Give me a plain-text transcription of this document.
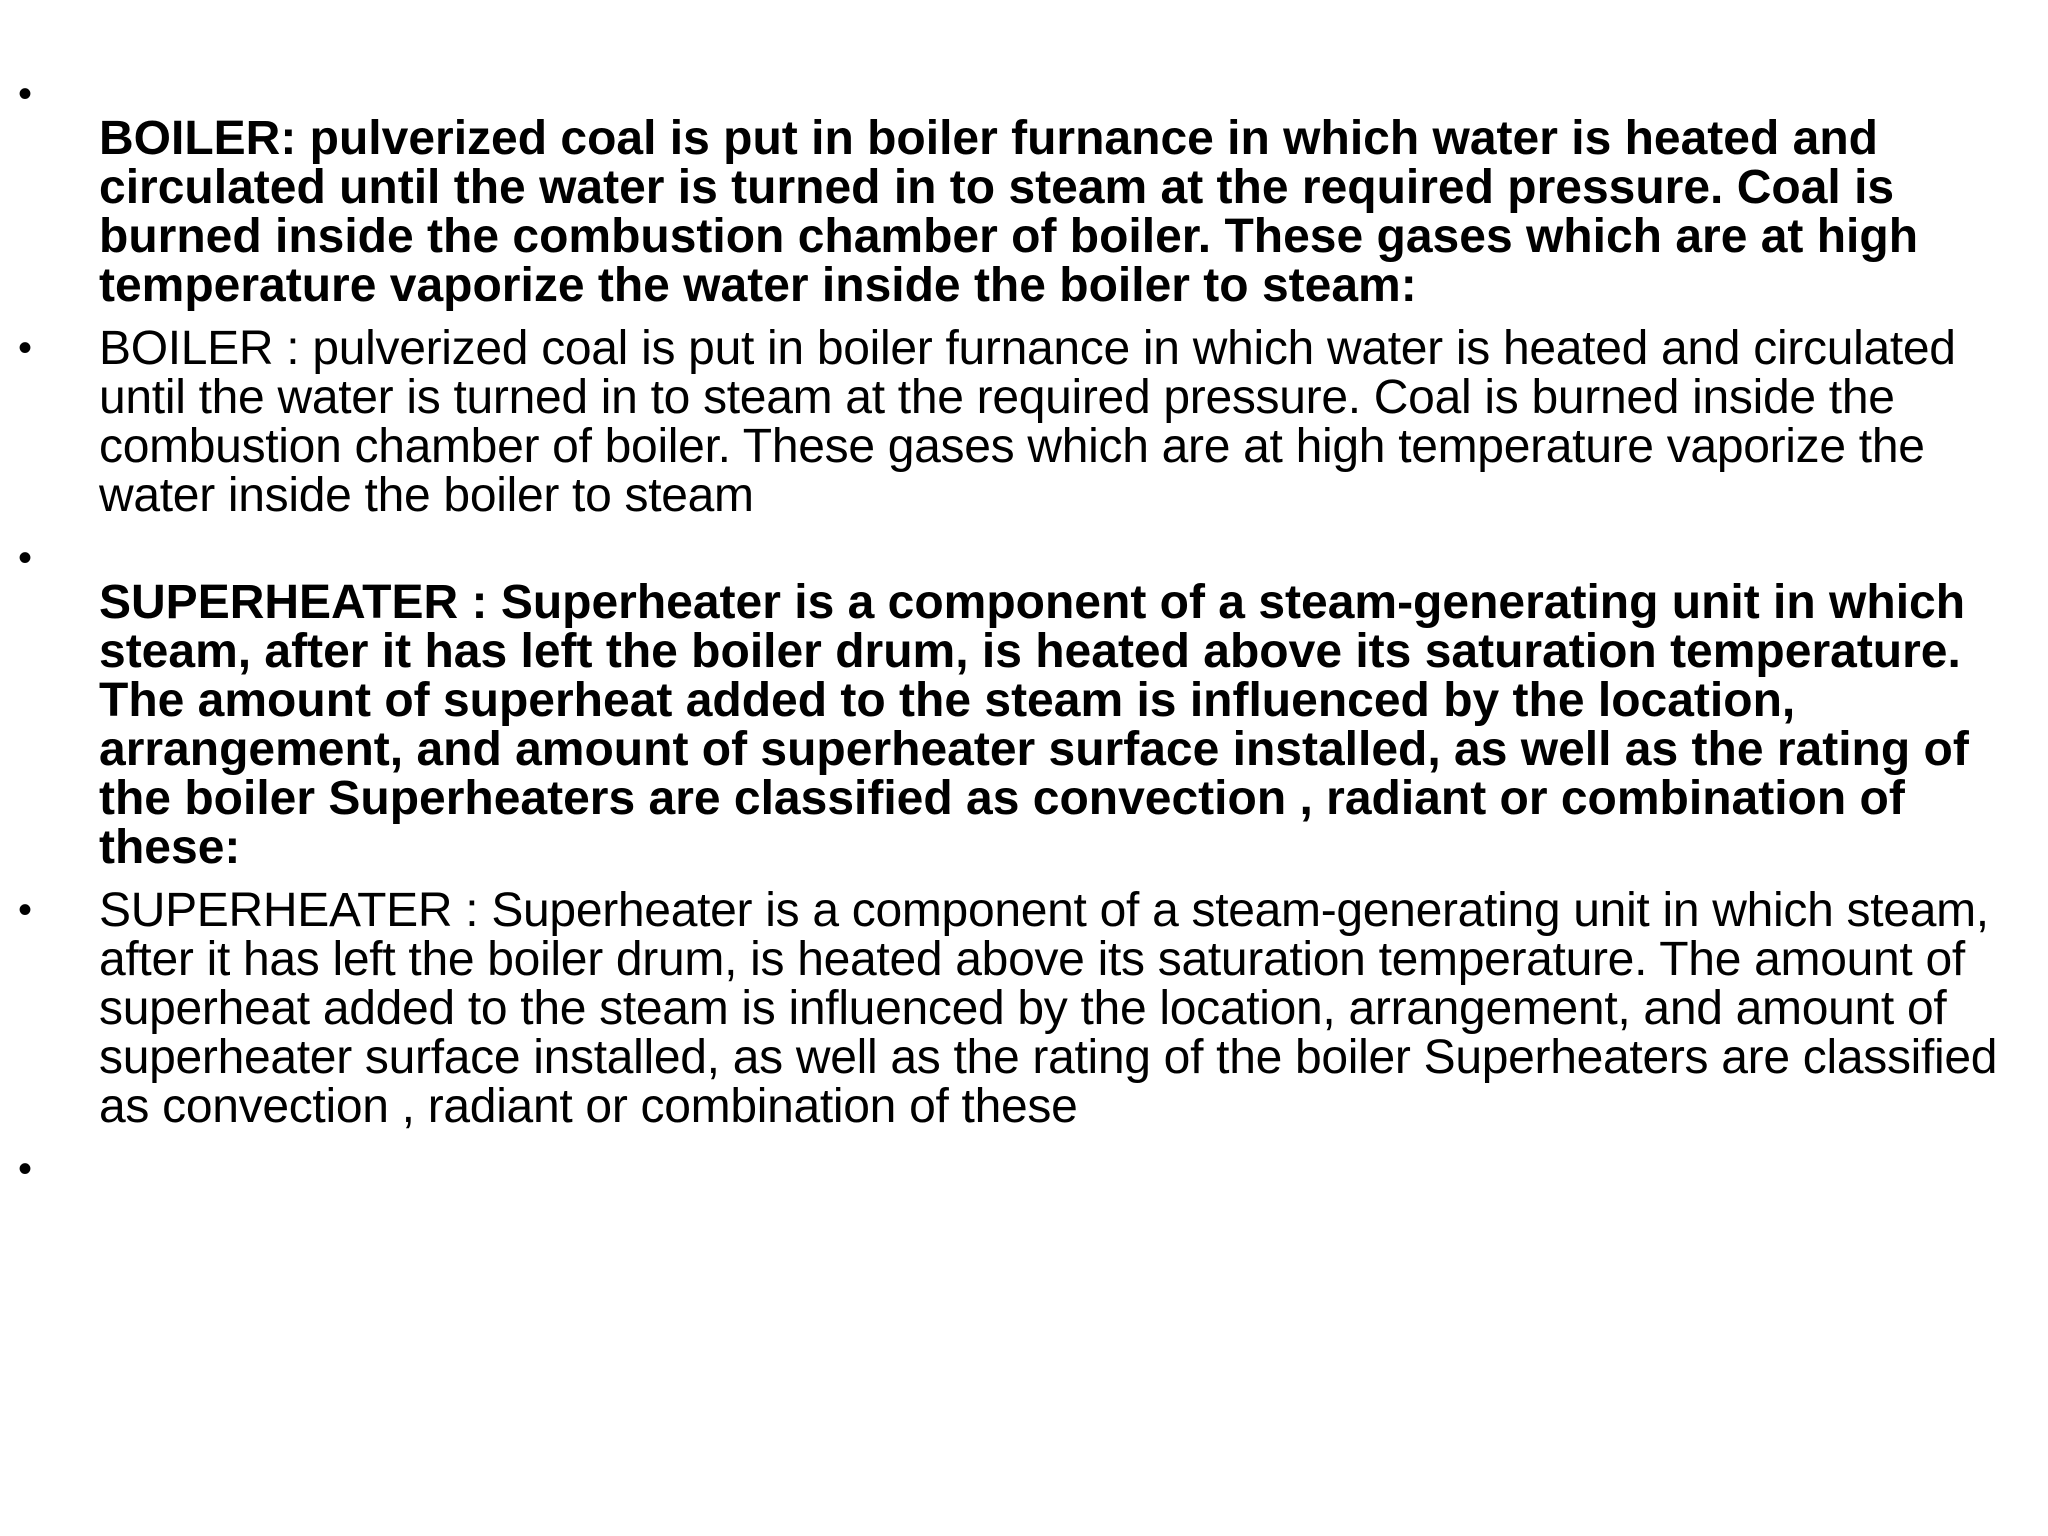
•
BOILER: pulverized coal is put in boiler furnance in which water is heated and circulated until the water is turned in to steam at the required pressure. Coal is burned inside the combustion chamber of boiler. These gases which are at high temperature vaporize the water inside the boiler to steam:
• BOILER : pulverized coal is put in boiler furnance in which water is heated and circulated until the water is turned in to steam at the required pressure. Coal is burned inside the combustion chamber of boiler. These gases which are at high temperature vaporize the water inside the boiler to steam
•
SUPERHEATER : Superheater is a component of a steam-generating unit in which steam, after it has left the boiler drum, is heated above its saturation temperature. The amount of superheat added to the steam is influenced by the location, arrangement, and amount of superheater surface installed, as well as the rating of the boiler Superheaters are classified as convection , radiant or combination of these:
• SUPERHEATER : Superheater is a component of a steam-generating unit in which steam, after it has left the boiler drum, is heated above its saturation temperature. The amount of superheat added to the steam is influenced by the location, arrangement, and amount of superheater surface installed, as well as the rating of the boiler Superheaters are classified as convection , radiant or combination of these
•
